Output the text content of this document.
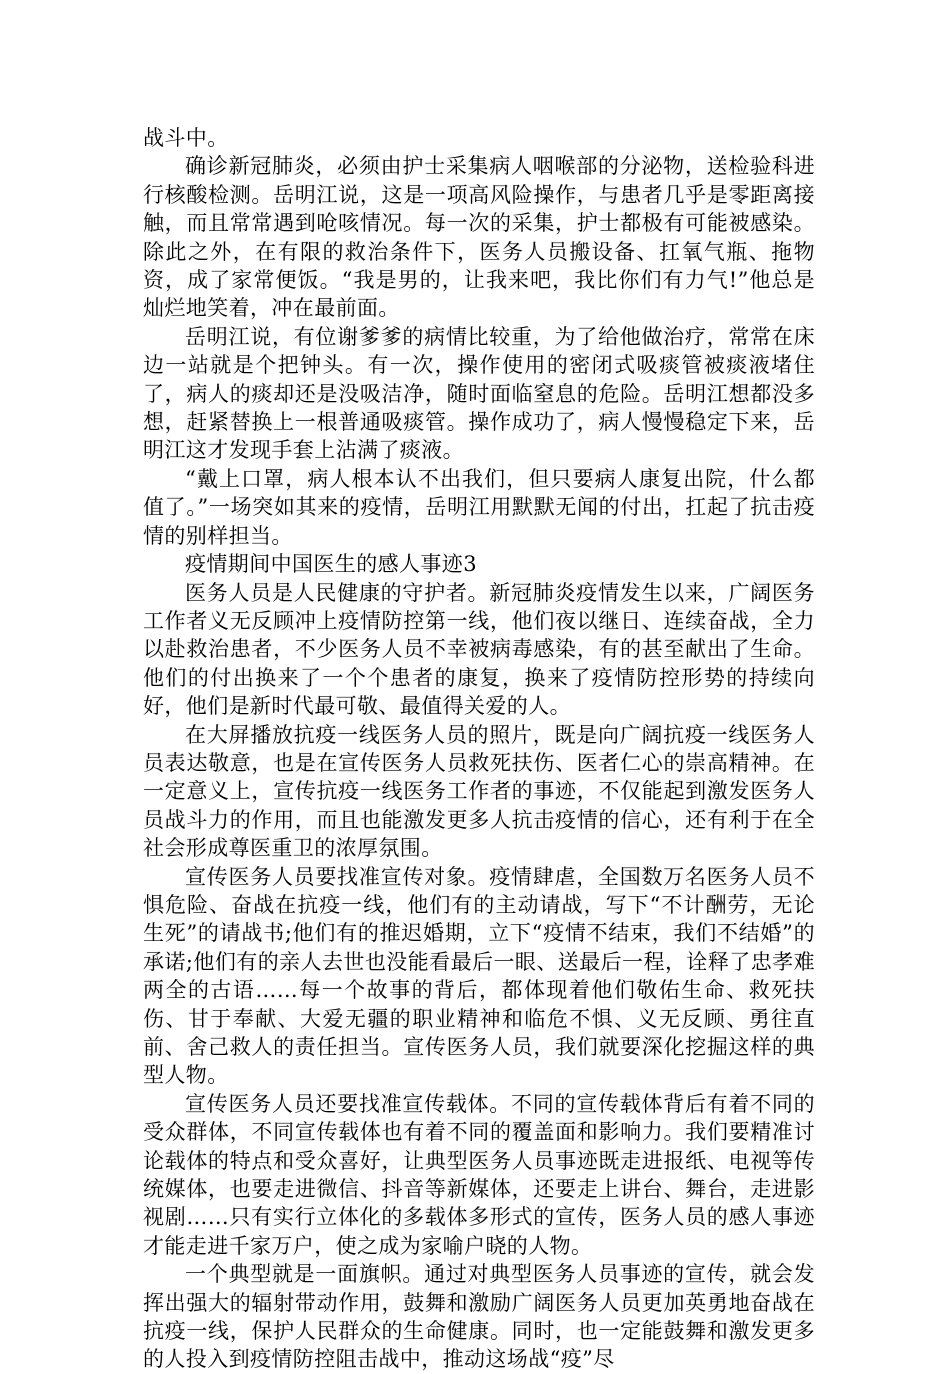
战斗中。

确诊新冠肺炎，必须由护士采集病人咽喉部的分泌物，送检验科进行核酸检测。岳明江说，这是一项高风险操作，与患者几乎是零距离接触，而且常常遇到呛咳情况。每一次的采集，护士都极有可能被感染。除此之外，在有限的救治条件下，医务人员搬设备、扛氧气瓶、拖物资，成了家常便饭。“我是男的，让我来吧，我比你们有力气!”他总是灿烂地笑着，冲在最前面。

岳明江说，有位谢爹爹的病情比较重，为了给他做治疗，常常在床边一站就是个把钟头。有一次，操作使用的密闭式吸痰管被痰液堵住了，病人的痰却还是没吸洁净，随时面临窒息的危险。岳明江想都没多想，赶紧替换上一根普通吸痰管。操作成功了，病人慢慢稳定下来，岳明江这才发现手套上沾满了痰液。

“戴上口罩，病人根本认不出我们，但只要病人康复出院，什么都值了。”一场突如其来的疫情，岳明江用默默无闻的付出，扛起了抗击疫情的别样担当。

疫情期间中国医生的感人事迹3

医务人员是人民健康的守护者。新冠肺炎疫情发生以来，广阔医务工作者义无反顾冲上疫情防控第一线，他们夜以继日、连续奋战，全力以赴救治患者，不少医务人员不幸被病毒感染，有的甚至献出了生命。他们的付出换来了一个个患者的康复，换来了疫情防控形势的持续向好，他们是新时代最可敬、最值得关爱的人。

在大屏播放抗疫一线医务人员的照片，既是向广阔抗疫一线医务人员表达敬意，也是在宣传医务人员救死扶伤、医者仁心的崇高精神。在一定意义上，宣传抗疫一线医务工作者的事迹，不仅能起到激发医务人员战斗力的作用，而且也能激发更多人抗击疫情的信心，还有利于在全社会形成尊医重卫的浓厚氛围。

宣传医务人员要找准宣传对象。疫情肆虐，全国数万名医务人员不惧危险、奋战在抗疫一线，他们有的主动请战，写下“不计酬劳，无论生死”的请战书;他们有的推迟婚期，立下“疫情不结束，我们不结婚”的承诺;他们有的亲人去世也没能看最后一眼、送最后一程，诠释了忠孝难两全的古语……每一个故事的背后，都体现着他们敬佑生命、救死扶伤、甘于奉献、大爱无疆的职业精神和临危不惧、义无反顾、勇往直前、舍己救人的责任担当。宣传医务人员，我们就要深化挖掘这样的典型人物。

宣传医务人员还要找准宣传载体。不同的宣传载体背后有着不同的受众群体，不同宣传载体也有着不同的覆盖面和影响力。我们要精准讨论载体的特点和受众喜好，让典型医务人员事迹既走进报纸、电视等传统媒体，也要走进微信、抖音等新媒体，还要走上讲台、舞台，走进影视剧……只有实行立体化的多载体多形式的宣传，医务人员的感人事迹才能走进千家万户，使之成为家喻户晓的人物。

一个典型就是一面旗帜。通过对典型医务人员事迹的宣传，就会发挥出强大的辐射带动作用，鼓舞和激励广阔医务人员更加英勇地奋战在抗疫一线，保护人民群众的生命健康。同时，也一定能鼓舞和激发更多的人投入到疫情防控阻击战中，推动这场战“疫”尽
